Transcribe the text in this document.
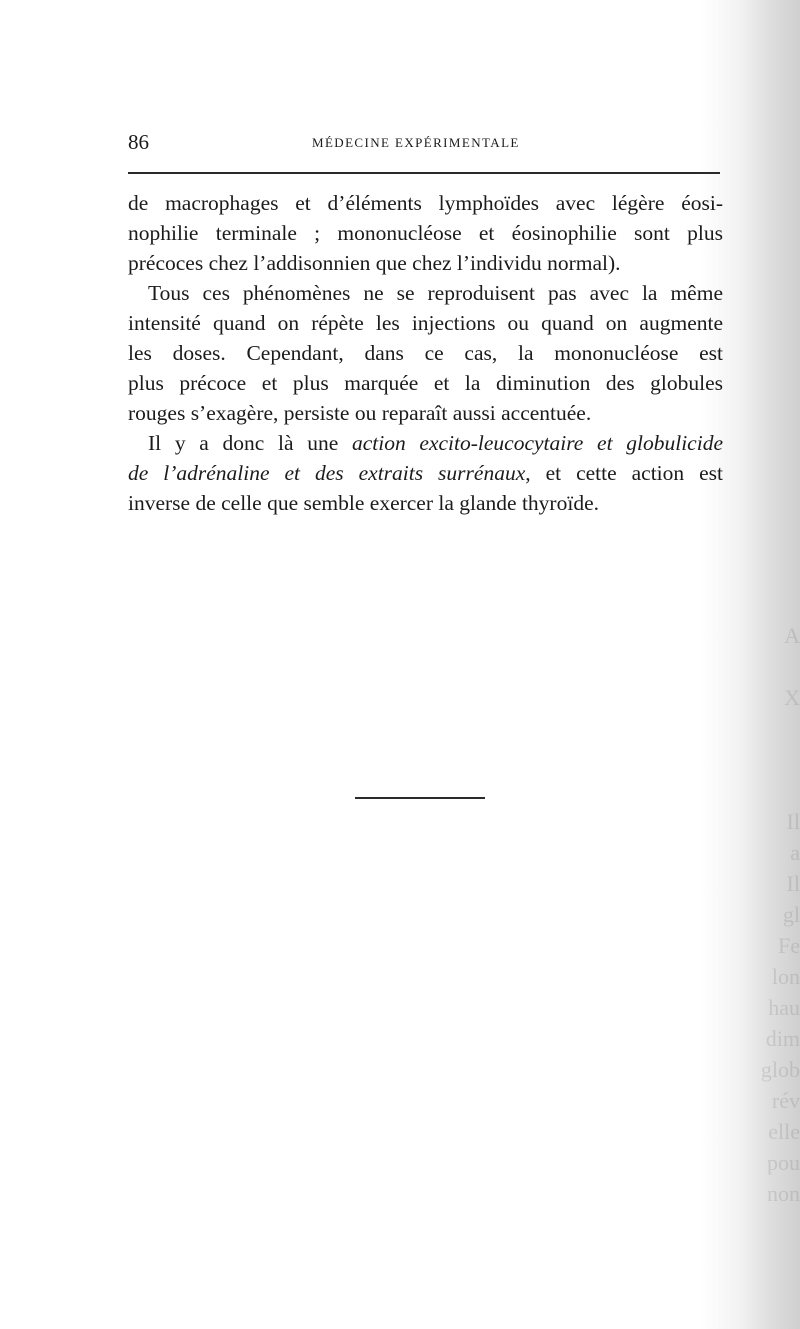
A

X

Il
a
Il
gl
Fe
lon
hau
dim
glob
rév
elle
pou
non
86	MÉDECINE EXPÉRIMENTALE
de macrophages et d’éléments lymphoïdes avec légère éosi-
nophilie terminale ; mononucléose et éosinophilie sont plus
précoces chez l’addisonnien que chez l’individu normal).
Tous ces phénomènes ne se reproduisent pas avec la même
intensité quand on répète les injections ou quand on augmente
les doses. Cependant, dans ce cas, la mononucléose est
plus précoce et plus marquée et la diminution des globules
rouges s’exagère, persiste ou reparaît aussi accentuée.
Il y a donc là une action excito-leucocytaire et globulicide
de l’adrénaline et des extraits surrénaux, et cette action est
inverse de celle que semble exercer la glande thyroïde.
